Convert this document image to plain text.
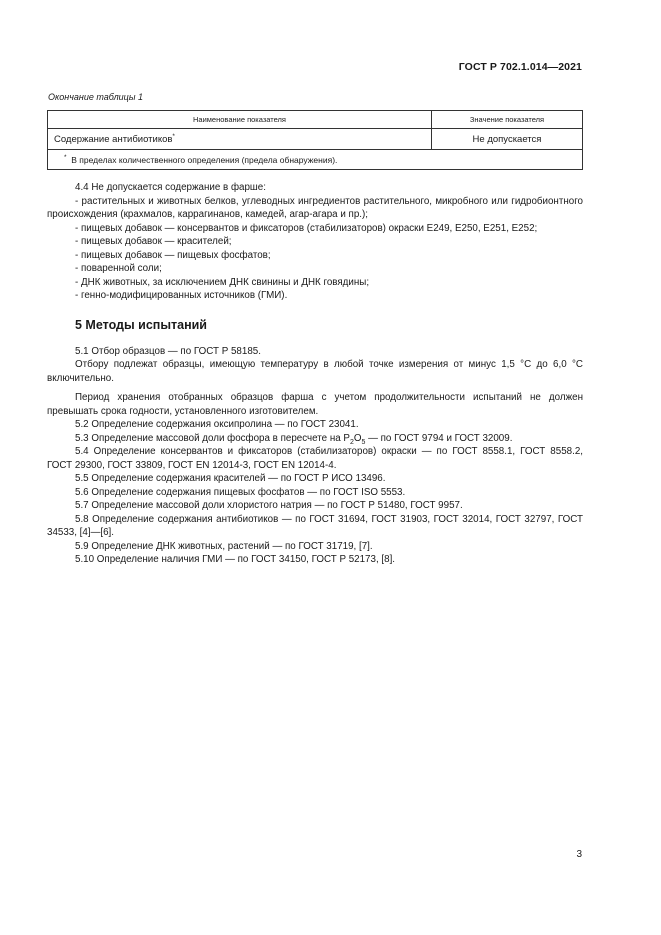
ГОСТ Р 702.1.014—2021
Окончание таблицы 1
Наименование показателя	Значение показателя
Содержание антибиотиков*	Не допускается
* В пределах количественного определения (предела обнаружения).	

4.4 Не допускается содержание в фарше:

- растительных и животных белков, углеводных ингредиентов растительного, микробного или гидробионтного происхождения (крахмалов, каррагинанов, камедей, агар-агара и пр.);

- пищевых добавок — консервантов и фиксаторов (стабилизаторов) окраски Е249, Е250, Е251, Е252;

- пищевых добавок — красителей;

- пищевых добавок — пищевых фосфатов;

- поваренной соли;

- ДНК животных, за исключением ДНК свинины и ДНК говядины;

- генно-модифицированных источников (ГМИ).

5 Методы испытаний

5.1 Отбор образцов — по ГОСТ Р 58185.

Отбору подлежат образцы, имеющую температуру в любой точке измерения от минус 1,5 °С до 6,0 °С включительно.

Период хранения отобранных образцов фарша с учетом продолжительности испытаний не должен превышать срока годности, установленного изготовителем.

5.2 Определение содержания оксипролина — по ГОСТ 23041.

5.3 Определение массовой доли фосфора в пересчете на $P_2O_5$ — по ГОСТ 9794 и ГОСТ 32009.

5.4 Определение консервантов и фиксаторов (стабилизаторов) окраски — по ГОСТ 8558.1, ГОСТ 8558.2, ГОСТ 29300, ГОСТ 33809, ГОСТ EN 12014-3, ГОСТ EN 12014-4.

5.5 Определение содержания красителей — по ГОСТ Р ИСО 13496.

5.6 Определение содержания пищевых фосфатов — по ГОСТ ISO 5553.

5.7 Определение массовой доли хлористого натрия — по ГОСТ Р 51480, ГОСТ 9957.

5.8 Определение содержания антибиотиков — по ГОСТ 31694, ГОСТ 31903, ГОСТ 32014, ГОСТ 32797, ГОСТ 34533, [4]—[6].

5.9 Определение ДНК животных, растений — по ГОСТ 31719, [7].

5.10 Определение наличия ГМИ — по ГОСТ 34150, ГОСТ Р 52173, [8].

3
